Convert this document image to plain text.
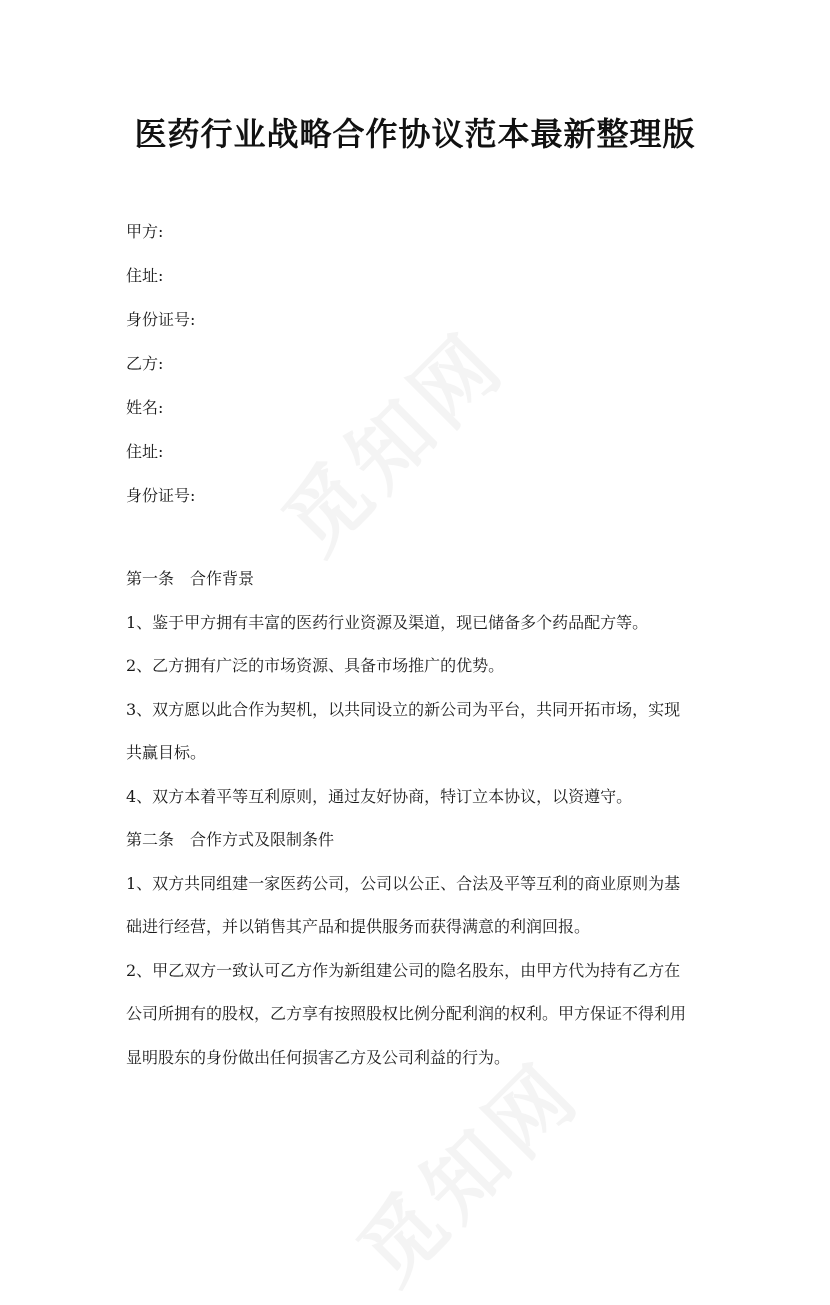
医药行业战略合作协议范本最新整理版
甲方:
住址:
身份证号:
乙方:
姓名:
住址:
身份证号:
第一条　合作背景
1、鉴于甲方拥有丰富的医药行业资源及渠道，现已储备多个药品配方等。
2、乙方拥有广泛的市场资源、具备市场推广的优势。
3、双方愿以此合作为契机，以共同设立的新公司为平台，共同开拓市场，实现
共赢目标。
4、双方本着平等互利原则，通过友好协商，特订立本协议，以资遵守。
第二条　合作方式及限制条件
1、双方共同组建一家医药公司，公司以公正、合法及平等互利的商业原则为基
础进行经营，并以销售其产品和提供服务而获得满意的利润回报。
2、甲乙双方一致认可乙方作为新组建公司的隐名股东，由甲方代为持有乙方在
公司所拥有的股权，乙方享有按照股权比例分配利润的权利。甲方保证不得利用
显明股东的身份做出任何损害乙方及公司利益的行为。
